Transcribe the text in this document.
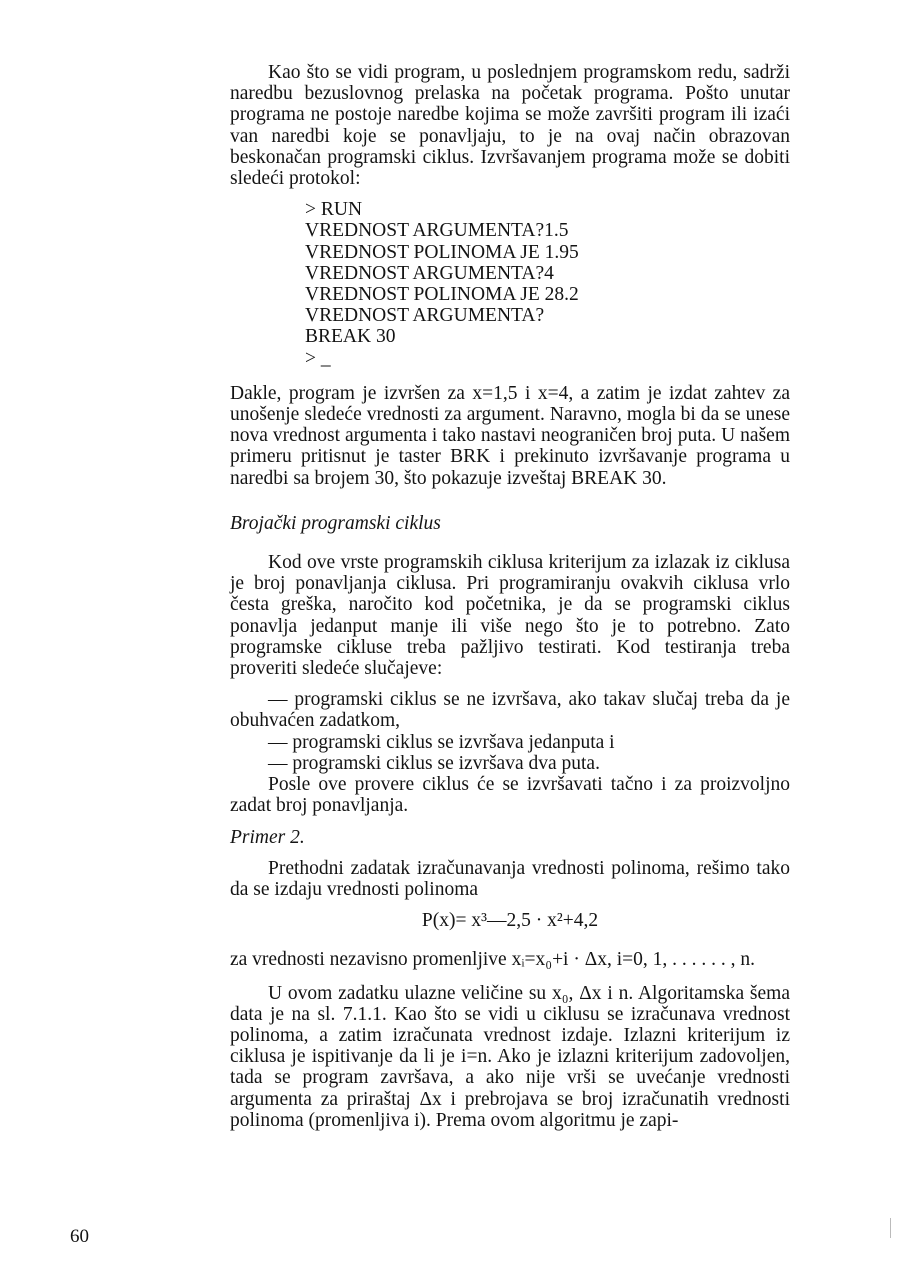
Kao što se vidi program, u poslednjem programskom redu, sadrži naredbu bezuslovnog prelaska na početak programa. Pošto unutar programa ne postoje naredbe kojima se može završiti program ili izaći van naredbi koje se ponavljaju, to je na ovaj način obrazovan beskonačan programski ciklus. Izvršavanjem programa može se dobiti sledeći protokol:

> RUN
VREDNOST ARGUMENTA?1.5
VREDNOST POLINOMA JE 1.95
VREDNOST ARGUMENTA?4
VREDNOST POLINOMA JE 28.2
VREDNOST ARGUMENTA?
BREAK 30
> _

Dakle, program je izvršen za x=1,5 i x=4, a zatim je izdat zahtev za unošenje sledeće vrednosti za argument. Naravno, mogla bi da se unese nova vrednost argumenta i tako nastavi neograničen broj puta. U našem primeru pritisnut je taster BRK i prekinuto izvršavanje programa u naredbi sa brojem 30, što pokazuje izveštaj BREAK 30.

Brojački programski ciklus

Kod ove vrste programskih ciklusa kriterijum za izlazak iz ciklusa je broj ponavljanja ciklusa. Pri programiranju ovakvih ciklusa vrlo česta greška, naročito kod početnika, je da se programski ciklus ponavlja jedanput manje ili više nego što je to potrebno. Zato programske cikluse treba pažljivo testirati. Kod testiranja treba proveriti sledeće slučajeve:

— programski ciklus se ne izvršava, ako takav slučaj treba da je obuhvaćen zadatkom,

— programski ciklus se izvršava jedanputa i

— programski ciklus se izvršava dva puta.

Posle ove provere ciklus će se izvršavati tačno i za proizvoljno zadat broj ponavljanja.

Primer 2.

Prethodni zadatak izračunavanja vrednosti polinoma, rešimo tako da se izdaju vrednosti polinoma

P(x)= x³—2,5 · x²+4,2

za vrednosti nezavisno promenljive xᵢ=x₀+i · Δx, i=0, 1, . . . . . . , n.

U ovom zadatku ulazne veličine su x₀, Δx i n. Algoritamska šema data je na sl. 7.1.1. Kao što se vidi u ciklusu se izračunava vrednost polinoma, a zatim izračunata vrednost izdaje. Izlazni kriterijum iz ciklusa je ispitivanje da li je i=n. Ako je izlazni kriterijum zadovoljen, tada se program završava, a ako nije vrši se uvećanje vrednosti argumenta za priraštaj Δx i prebrojava se broj izračunatih vrednosti polinoma (promenljiva i). Prema ovom algoritmu je zapi-

60
